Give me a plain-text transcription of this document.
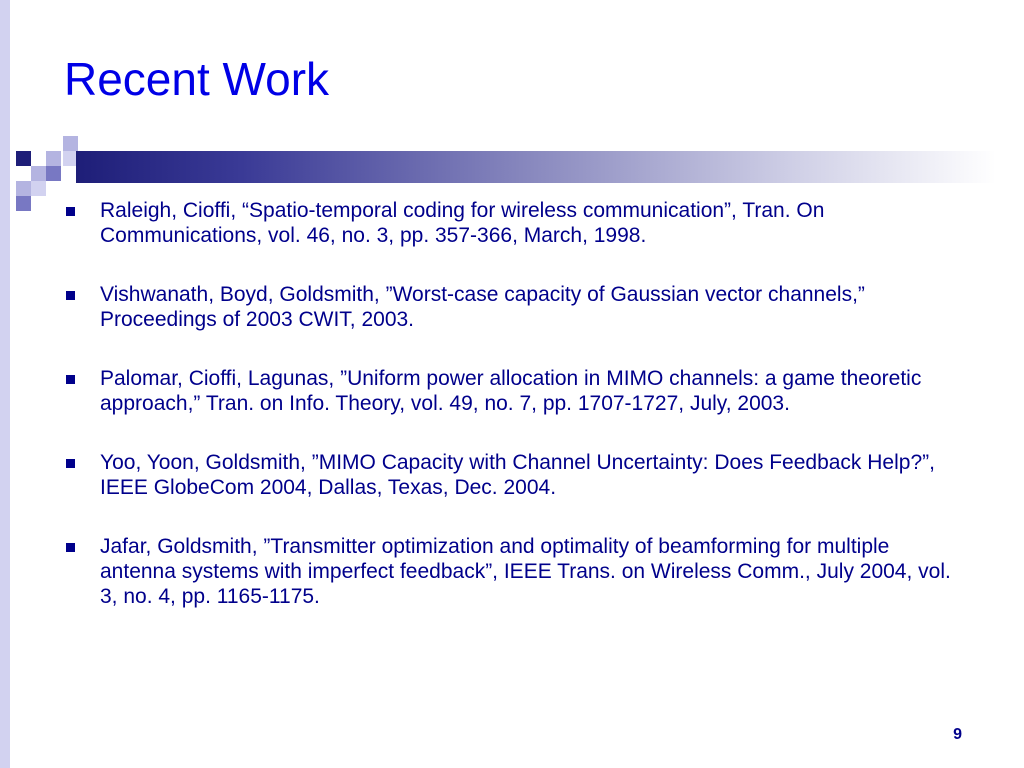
Recent Work
Raleigh, Cioffi, “Spatio-temporal coding for wireless communication”, Tran. On Communications, vol. 46, no. 3, pp. 357-366, March, 1998.
Vishwanath, Boyd, Goldsmith, ”Worst-case capacity of Gaussian vector channels,” Proceedings of 2003 CWIT, 2003.
Palomar, Cioffi, Lagunas, ”Uniform power allocation in MIMO channels: a game theoretic approach,” Tran. on Info. Theory, vol. 49, no. 7, pp. 1707-1727, July, 2003.
Yoo, Yoon, Goldsmith, ”MIMO Capacity with Channel Uncertainty: Does Feedback Help?”, IEEE GlobeCom 2004, Dallas, Texas, Dec. 2004.
Jafar, Goldsmith, ”Transmitter optimization and optimality of beamforming for multiple antenna systems with imperfect feedback”, IEEE Trans. on Wireless Comm., July 2004, vol. 3, no. 4, pp. 1165-1175.
9
